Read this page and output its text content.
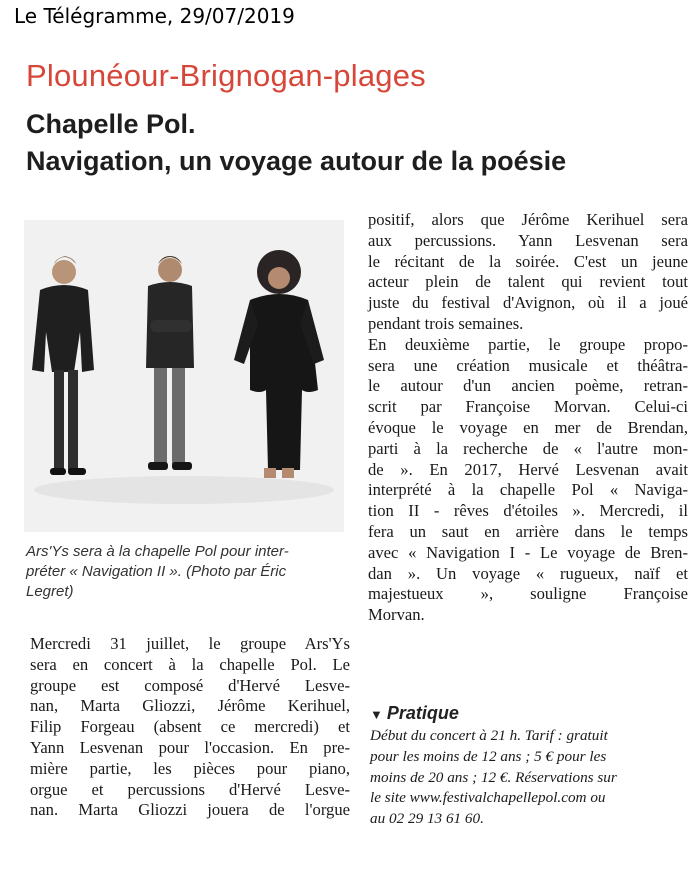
Le Télégramme, 29/07/2019
Plounéour-Brignogan-plages
Chapelle Pol.
Navigation, un voyage autour de la poésie
Ars'Ys sera à la chapelle Pol pour inter-
préter « Navigation II ». (Photo par Éric
Legret)
Mercredi 31 juillet, le groupe Ars'Ys
sera en concert à la chapelle Pol. Le
groupe est composé d'Hervé Lesve-
nan, Marta Gliozzi, Jérôme Kerihuel,
Filip Forgeau (absent ce mercredi) et
Yann Lesvenan pour l'occasion. En pre-
mière partie, les pièces pour piano,
orgue et percussions d'Hervé Lesve-
nan. Marta Gliozzi jouera de l'orgue
positif, alors que Jérôme Kerihuel sera
aux percussions. Yann Lesvenan sera
le récitant de la soirée. C'est un jeune
acteur plein de talent qui revient tout
juste du festival d'Avignon, où il a joué
pendant trois semaines.
En deuxième partie, le groupe propo-
sera une création musicale et théâtra-
le autour d'un ancien poème, retran-
scrit par Françoise Morvan. Celui-ci
évoque le voyage en mer de Brendan,
parti à la recherche de « l'autre mon-
de ». En 2017, Hervé Lesvenan avait
interprété à la chapelle Pol « Naviga-
tion II - rêves d'étoiles ». Mercredi, il
fera un saut en arrière dans le temps
avec « Navigation I - Le voyage de Bren-
dan ». Un voyage « rugueux, naïf et
majestueux », souligne Françoise
Morvan.
▼ Pratique
Début du concert à 21 h. Tarif : gratuit
pour les moins de 12 ans ; 5 € pour les
moins de 20 ans ; 12 €. Réservations sur
le site www.festivalchapellepol.com ou
au 02 29 13 61 60.
